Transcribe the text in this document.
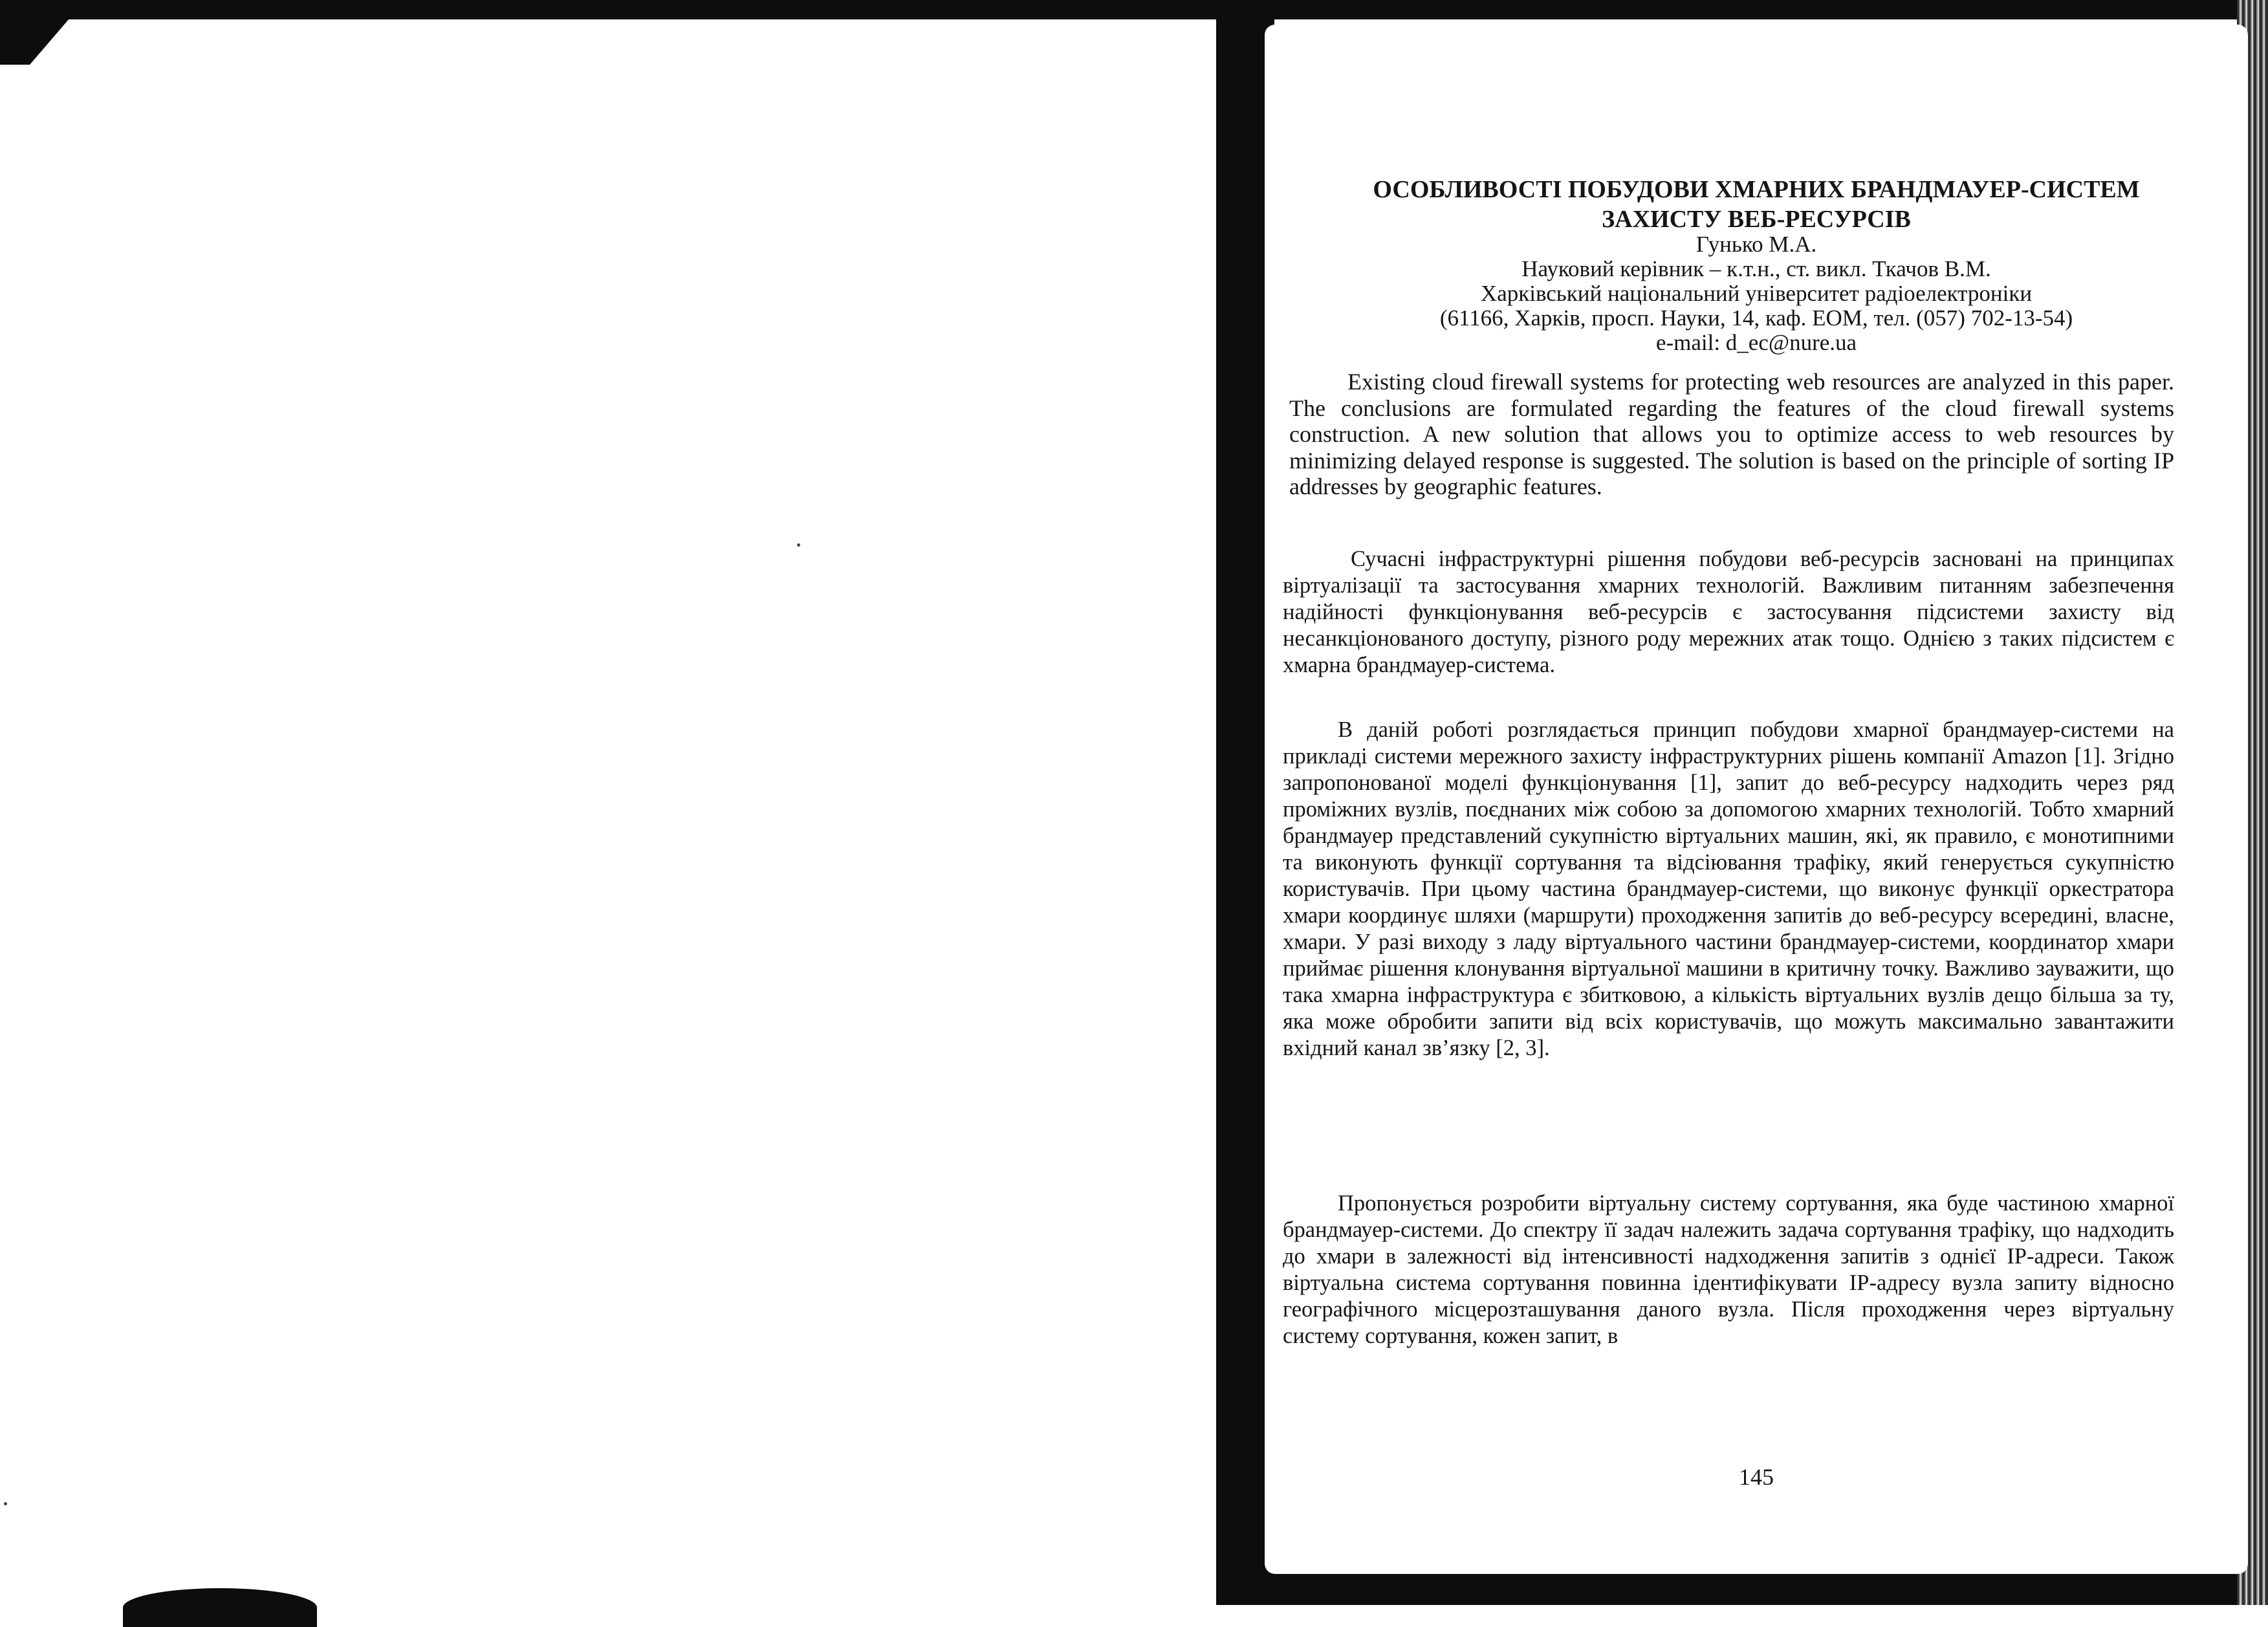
ОСОБЛИВОСТІ ПОБУДОВИ ХМАРНИХ БРАНДМАУЕР-СИСТЕМ

ЗАХИСТУ ВЕБ-РЕСУРСІВ

Гунько М.А.

Науковий керівник – к.т.н., ст. викл. Ткачов В.М.

Харківський національний університет радіоелектроніки

(61166, Харків, просп. Науки, 14, каф. ЕОМ, тел. (057) 702-13-54)

e-mail: d_ec@nure.ua

Existing cloud firewall systems for protecting web resources are analyzed in this paper. The conclusions are formulated regarding the features of the cloud firewall systems construction. A new solution that allows you to optimize access to web resources by minimizing delayed response is suggested. The solution is based on the principle of sorting IP addresses by geographic features.

Сучасні інфраструктурні рішення побудови веб-ресурсів засновані на принципах віртуалізації та застосування хмарних технологій. Важливим питанням забезпечення надійності функціонування веб-ресурсів є застосування підсистеми захисту від несанкціонованого доступу, різного роду мережних атак тощо. Однією з таких підсистем є хмарна брандмауер-система.

В даній роботі розглядається принцип побудови хмарної брандмауер-системи на прикладі системи мережного захисту інфраструктурних рішень компанії Amazon [1]. Згідно запропонованої моделі функціонування [1], запит до веб-ресурсу надходить через ряд проміжних вузлів, поєднаних між собою за допомогою хмарних технологій. Тобто хмарний брандмауер представлений сукупністю віртуальних машин, які, як правило, є монотипними та виконують функції сортування та відсіювання трафіку, який генерується сукупністю користувачів. При цьому частина брандмауер-системи, що виконує функції оркестратора хмари координує шляхи (маршрути) проходження запитів до веб-ресурсу всередині, власне, хмари. У разі виходу з ладу віртуального частини брандмауер-системи, координатор хмари приймає рішення клонування віртуальної машини в критичну точку. Важливо зауважити, що така хмарна інфраструктура є збитковою, а кількість віртуальних вузлів дещо більша за ту, яка може обробити запити від всіх користувачів, що можуть максимально завантажити вхідний канал зв’язку [2, 3].

Пропонується розробити віртуальну систему сортування, яка буде частиною хмарної брандмауер-системи. До спектру її задач належить задача сортування трафіку, що надходить до хмари в залежності від інтенсивності надходження запитів з однієї IP-адреси. Також віртуальна система сортування повинна ідентифікувати IP-адресу вузла запиту відносно географічного місцерозташування даного вузла. Після проходження через віртуальну систему сортування, кожен запит, в

145
